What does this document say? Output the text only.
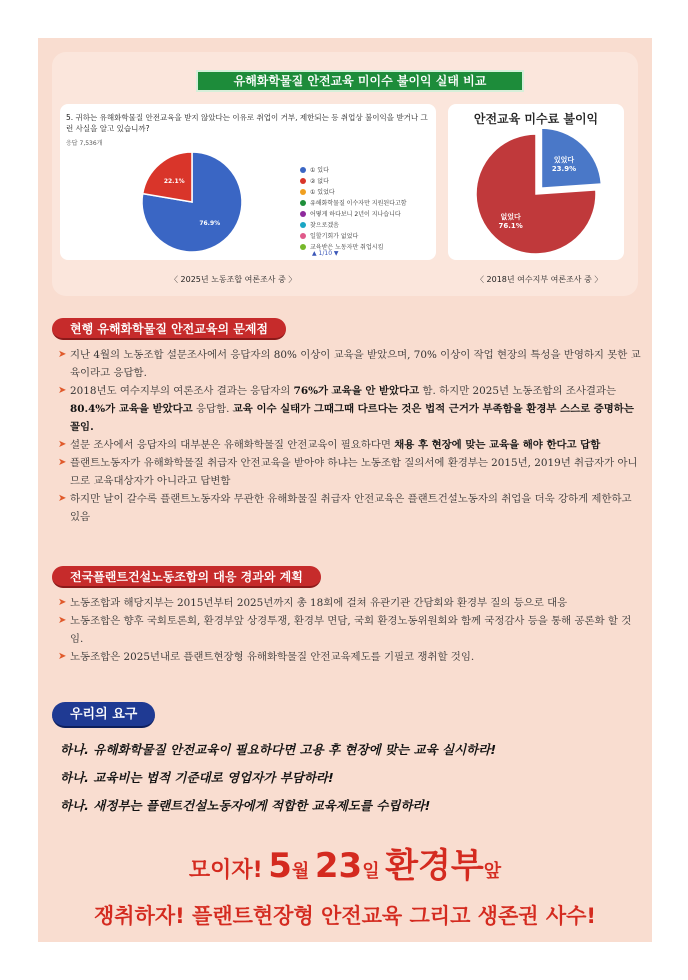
유해화학물질 안전교육 미이수 불이익 실태 비교
5. 귀하는 유해화학물질 안전교육을 받지 않았다는 이유로 취업이 거부, 제한되는 등 취업상 불이익을 받거나 그런 사실을 알고 있습니까?
응답 7,536개
76.9%
22.1%
① 있다
② 없다
① 있었다
유해화학물질 이수자만 지원된다고함
어떻게 하다보니 2년이 지나습니다
찾으로겠음
일할기회가 없었다
교육받은 노동자만 취업시킴
▲ 1/10 ▼
안전교육 미수료 불이익
있었다
23.9%
없었다
76.1%
〈 2025년 노동조합 여론조사 중 〉	〈 2018년 여수지부 여론조사 중 〉
현행 유해화학물질 안전교육의 문제점
➤ 지난 4월의 노동조합 설문조사에서 응답자의 80% 이상이 교육을 받았으며, 70% 이상이 작업 현장의 특성을 반영하지 못한 교육이라고 응답함.
➤ 2018년도 여수지부의 여론조사 결과는 응답자의 76%가 교육을 안 받았다고 함. 하지만 2025년 노동조합의 조사결과는 80.4%가 교육을 받았다고 응답함. 교육 이수 실태가 그때그때 다르다는 것은 법적 근거가 부족함을 환경부 스스로 증명하는 꼴임.
➤ 설문 조사에서 응답자의 대부분은 유해화학물질 안전교육이 필요하다면 채용 후 현장에 맞는 교육을 해야 한다고 답함
➤ 플랜트노동자가 유해화학물질 취급자 안전교육을 받아야 하냐는 노동조합 질의서에 환경부는 2015년, 2019년 취급자가 아니므로 교육대상자가 아니라고 답변함
➤ 하지만 날이 갈수록 플랜트노동자와 무관한 유해화물질 취급자 안전교육은 플랜트건설노동자의 취업을 더욱 강하게 제한하고 있음
전국플랜트건설노동조합의 대응 경과와 계획
➤ 노동조합과 해당지부는 2015년부터 2025년까지 총 18회에 걸쳐 유관기관 간담회와 환경부 질의 등으로 대응
➤ 노동조합은 향후 국회토론회, 환경부앞 상경투쟁, 환경부 면담, 국회 환경노동위원회와 함께 국정감사 등을 통해 공론화 할 것임.
➤ 노동조합은 2025년내로 플랜트현장형 유해화학물질 안전교육제도를 기필코 쟁취할 것임.
우리의 요구
하나. 유해화학물질 안전교육이 필요하다면 고용 후 현장에 맞는 교육 실시하라!
하나. 교육비는 법적 기준대로 영업자가 부담하라!
하나. 새정부는 플랜트건설노동자에게 적합한 교육제도를 수립하라!
모이자! 5월 23일 환경부앞
쟁취하자! 플랜트현장형 안전교육 그리고 생존권 사수!
